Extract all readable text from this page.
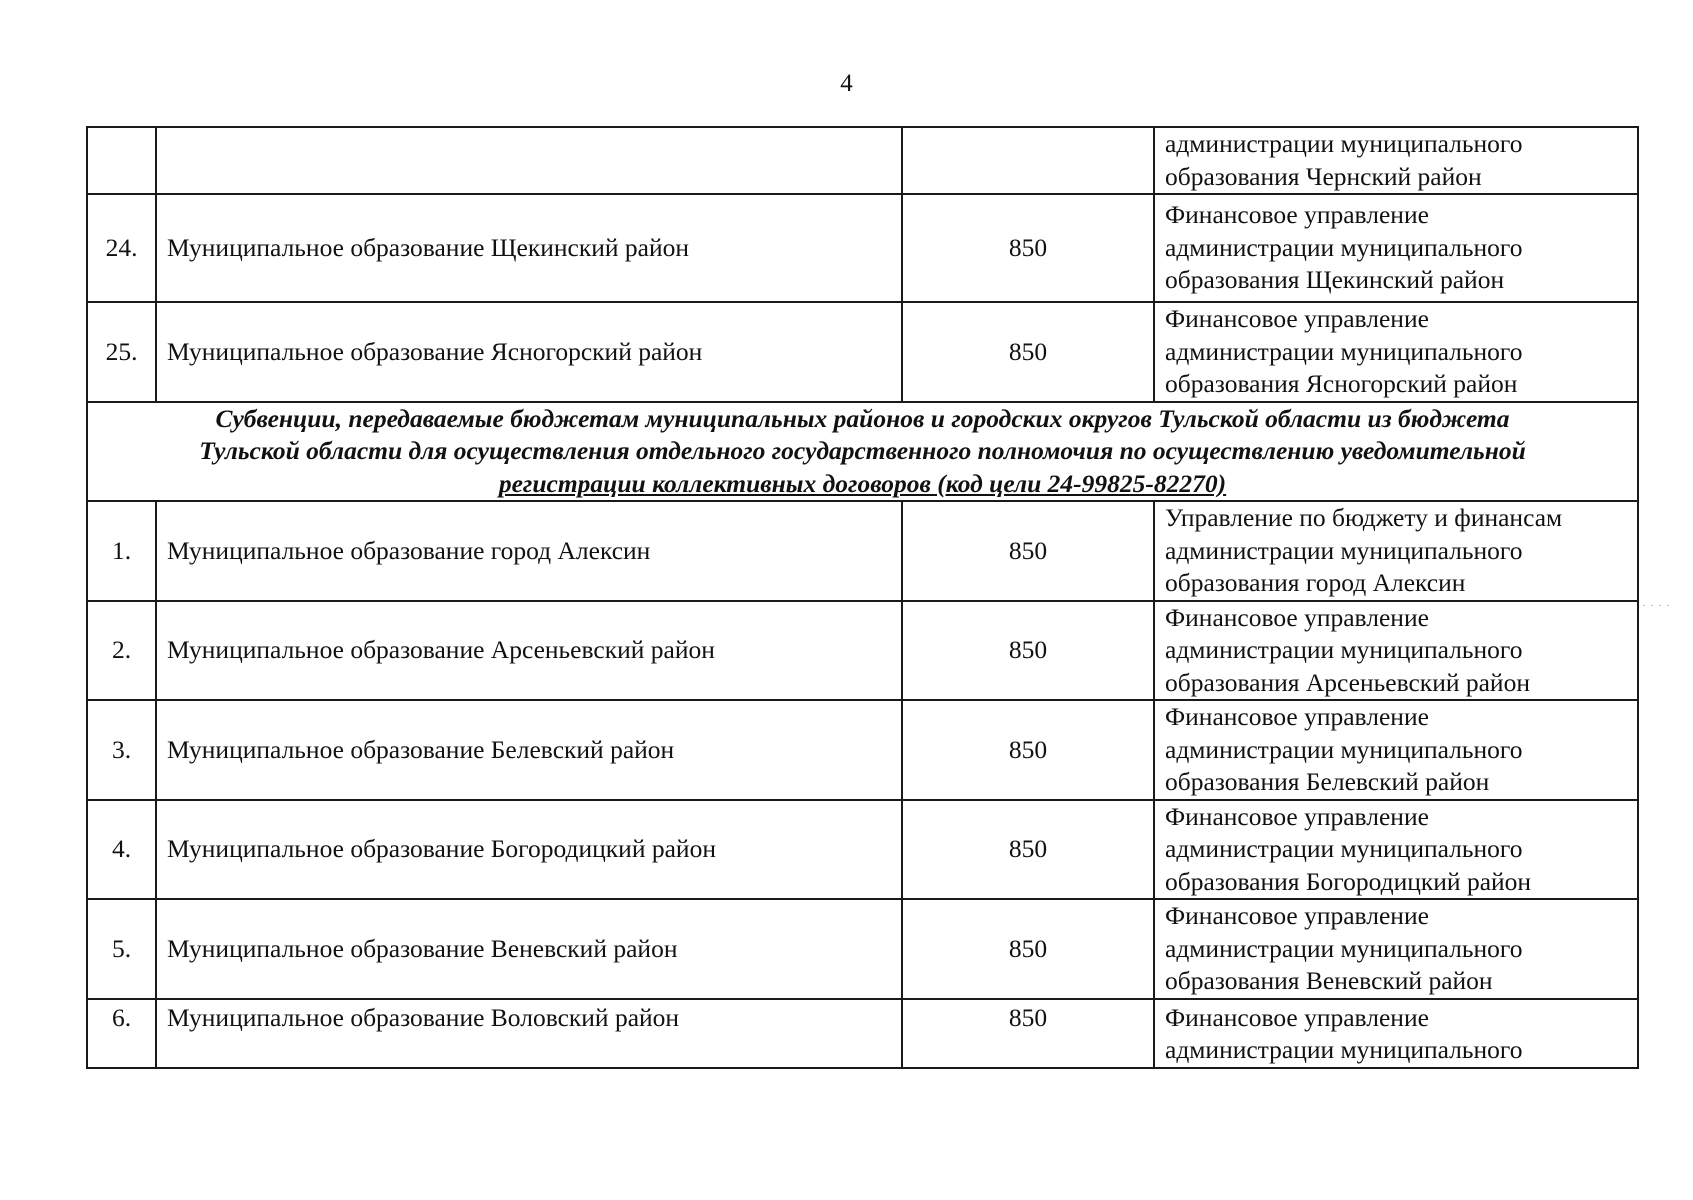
4
			администрации муниципального
образования Чернский район
24.	Муниципальное образование Щекинский район	850	Финансовое управление
администрации муниципального
образования Щекинский район
25.	Муниципальное образование Ясногорский район	850	Финансовое управление
администрации муниципального
образования Ясногорский район
Субвенции, передаваемые бюджетам муниципальных районов и городских округов Тульской области из бюджета
Тульской области для осуществления отдельного государственного полномочия по осуществлению уведомительной
регистрации коллективных договоров (код цели 24-99825-82270)			
1.	Муниципальное образование город Алексин	850	Управление по бюджету и финансам
администрации муниципального
образования город Алексин
2.	Муниципальное образование Арсеньевский район	850	Финансовое управление
администрации муниципального
образования Арсеньевский район
3.	Муниципальное образование Белевский район	850	Финансовое управление
администрации муниципального
образования Белевский район
4.	Муниципальное образование Богородицкий район	850	Финансовое управление
администрации муниципального
образования Богородицкий район
5.	Муниципальное образование Веневский район	850	Финансовое управление
администрации муниципального
образования Веневский район
6.	Муниципальное образование Воловский район	850	Финансовое управление
администрации муниципального
····
